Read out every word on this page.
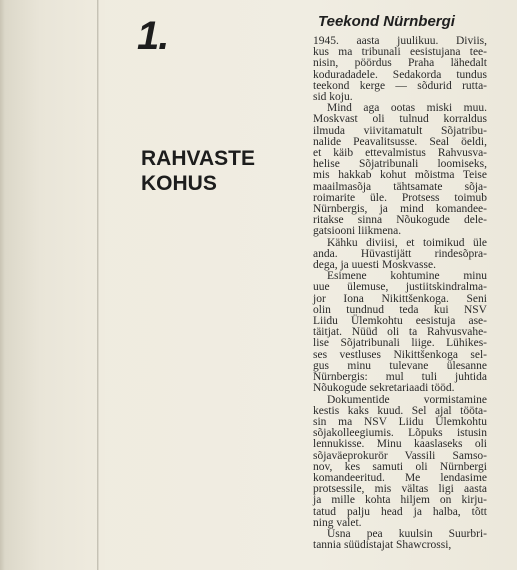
1.
RAHVASTE
KOHUS
Teekond Nürnbergi
1945. aasta juulikuu. Diviis,
kus ma tribunali eesistujana tee-
nisin, pöördus Praha lähedalt
koduradadele. Sedakorda tundus
teekond kerge — sõdurid rutta-
sid koju.
Mind aga ootas miski muu.
Moskvast oli tulnud korraldus
ilmuda viivitamatult Sõjatribu-
nalide Peavalitsusse. Seal öeldi,
et käib ettevalmistus Rahvusva-
helise Sõjatribunali loomiseks,
mis hakkab kohut mõistma Teise
maailmasõja tähtsamate sõja-
roimarite üle. Protsess toimub
Nürnbergis, ja mind komandee-
ritakse sinna Nõukogude dele-
gatsiooni liikmena.
Kähku diviisi, et toimikud üle
anda. Hüvastijätt rindesõpra-
dega, ja uuesti Moskvasse.
Esimene kohtumine minu
uue ülemuse, justiitskindralma-
jor Iona Nikittšenkoga. Seni
olin tundnud teda kui NSV
Liidu Ülemkohtu eesistuja ase-
täitjat. Nüüd oli ta Rahvusvahe-
lise Sõjatribunali liige. Lühikes-
ses vestluses Nikittšenkoga sel-
gus minu tulevane ülesanne
Nürnbergis: mul tuli juhtida
Nõukogude sekretariaadi tööd.
Dokumentide vormistamine
kestis kaks kuud. Sel ajal tööta-
sin ma NSV Liidu Ülemkohtu
sõjakolleegiumis. Lõpuks istusin
lennukisse. Minu kaaslaseks oli
sõjaväeprokurör Vassili Samso-
nov, kes samuti oli Nürnbergi
komandeeritud. Me lendasime
protsessile, mis vältas ligi aasta
ja mille kohta hiljem on kirju-
tatud palju head ja halba, tõtt
ning valet.
Üsna pea kuulsin Suurbri-
tannia süüdistajat Shawcrossi,
